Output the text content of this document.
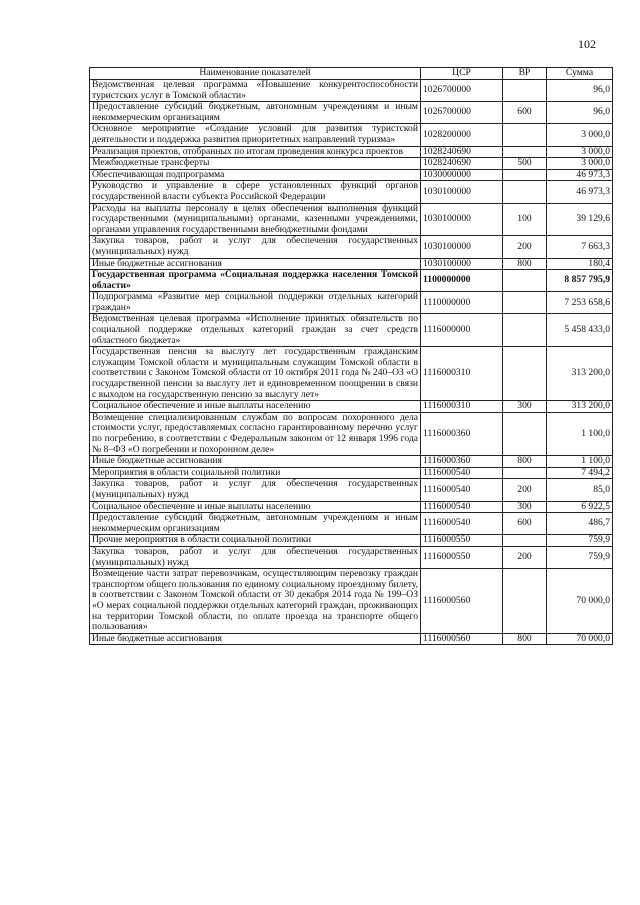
102
Наименование показателей	ЦСР	ВР	Сумма
Ведомственная целевая программа «Повышение конкурентоспособности туристских услуг в Томской области»	1026700000		96,0
Предоставление субсидий бюджетным, автономным учреждениям и иным некоммерческим организациям	1026700000	600	96,0
Основное мероприятие «Создание условий для развития туристской деятельности и поддержка развития приоритетных направлений туризма»	1028200000		3 000,0
Реализация проектов, отобранных по итогам проведения конкурса проектов	1028240690		3 000,0
Межбюджетные трансферты	1028240690	500	3 000,0
Обеспечивающая подпрограмма	1030000000		46 973,3
Руководство и управление в сфере установленных функций органов государственной власти субъекта Российской Федерации	1030100000		46 973,3
Расходы на выплаты персоналу в целях обеспечения выполнения функций государственными (муниципальными) органами, казенными учреждениями, органами управления государственными внебюджетными фондами	1030100000	100	39 129,6
Закупка товаров, работ и услуг для обеспечения государственных (муниципальных) нужд	1030100000	200	7 663,3
Иные бюджетные ассигнования	1030100000	800	180,4
Государственная программа «Социальная поддержка населения Томской области»	1100000000		8 857 795,9
Подпрограмма «Развитие мер социальной поддержки отдельных категорий граждан»	1110000000		7 253 658,6
Ведомственная целевая программа «Исполнение принятых обязательств по социальной поддержке отдельных категорий граждан за счет средств областного бюджета»	1116000000		5 458 433,0
Государственная пенсия за выслугу лет государственным гражданским служащим Томской области и муниципальным служащим Томской области в соответствии с Законом Томской области от 10 октября 2011 года № 240–ОЗ «О государственной пенсии за выслугу лет и единовременном поощрении в связи с выходом на государственную пенсию за выслугу лет»	1116000310		313 200,0
Социальное обеспечение и иные выплаты населению	1116000310	300	313 200,0
Возмещение специализированным службам по вопросам похоронного дела стоимости услуг, предоставляемых согласно гарантированному перечню услуг по погребению, в соответствии с Федеральным законом от 12 января 1996 года № 8–ФЗ «О погребении и похоронном деле»	1116000360		1 100,0
Иные бюджетные ассигнования	1116000360	800	1 100,0
Мероприятия в области социальной политики	1116000540		7 494,2
Закупка товаров, работ и услуг для обеспечения государственных (муниципальных) нужд	1116000540	200	85,0
Социальное обеспечение и иные выплаты населению	1116000540	300	6 922,5
Предоставление субсидий бюджетным, автономным учреждениям и иным некоммерческим организациям	1116000540	600	486,7
Прочие мероприятия в области социальной политики	1116000550		759,9
Закупка товаров, работ и услуг для обеспечения государственных (муниципальных) нужд	1116000550	200	759,9
Возмещение части затрат перевозчикам, осуществляющим перевозку граждан транспортом общего пользования по единому социальному проездному билету, в соответствии с Законом Томской области от 30 декабря 2014 года № 199–ОЗ «О мерах социальной поддержки отдельных категорий граждан, проживающих на территории Томской области, по оплате проезда на транспорте общего пользования»	1116000560		70 000,0
Иные бюджетные ассигнования	1116000560	800	70 000,0
